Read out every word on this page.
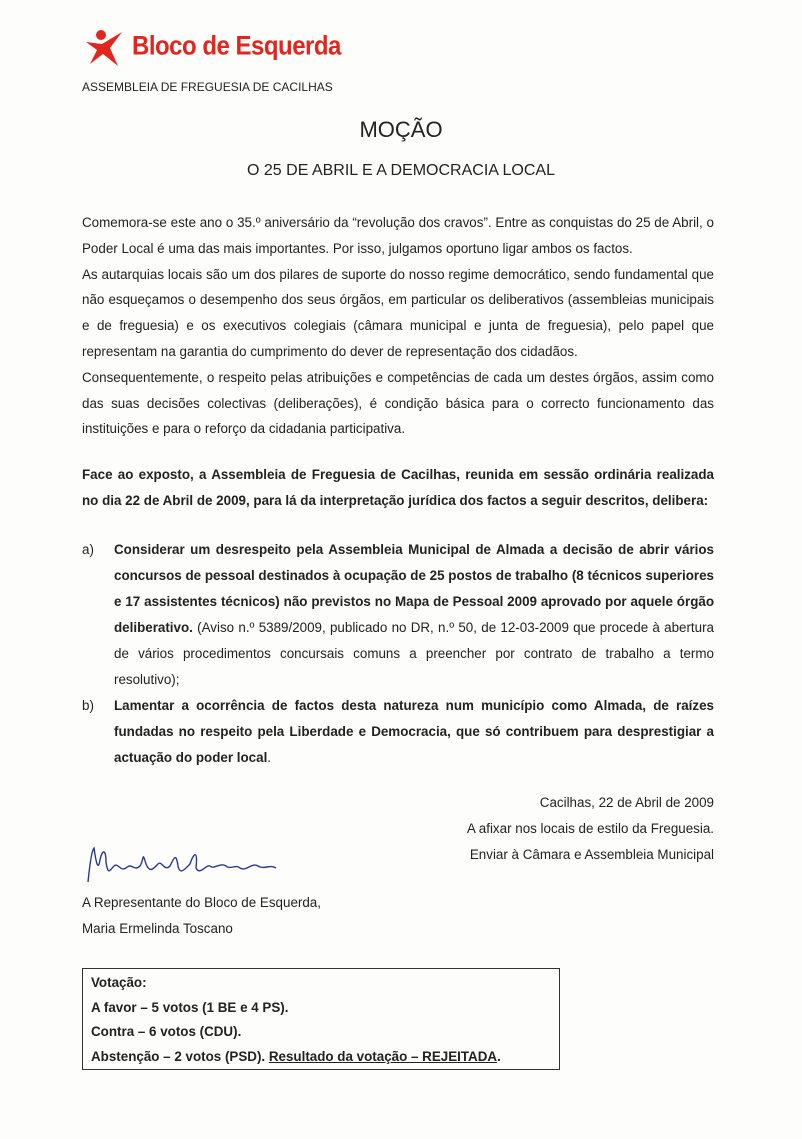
Bloco de Esquerda
ASSEMBLEIA DE FREGUESIA DE CACILHAS
MOÇÃO
O 25 DE ABRIL E A DEMOCRACIA LOCAL
Comemora-se este ano o 35.º aniversário da “revolução dos cravos”. Entre as conquistas do 25 de Abril, o Poder Local é uma das mais importantes. Por isso, julgamos oportuno ligar ambos os factos.
As autarquias locais são um dos pilares de suporte do nosso regime democrático, sendo fundamental que não esqueçamos o desempenho dos seus órgãos, em particular os deliberativos (assembleias municipais e de freguesia) e os executivos colegiais (câmara municipal e junta de freguesia), pelo papel que representam na garantia do cumprimento do dever de representação dos cidadãos.
Consequentemente, o respeito pelas atribuições e competências de cada um destes órgãos, assim como das suas decisões colectivas (deliberações), é condição básica para o correcto funcionamento das instituições e para o reforço da cidadania participativa.
Face ao exposto, a Assembleia de Freguesia de Cacilhas, reunida em sessão ordinária realizada no dia 22 de Abril de 2009, para lá da interpretação jurídica dos factos a seguir descritos, delibera:
a) Considerar um desrespeito pela Assembleia Municipal de Almada a decisão de abrir vários concursos de pessoal destinados à ocupação de 25 postos de trabalho (8 técnicos superiores e 17 assistentes técnicos) não previstos no Mapa de Pessoal 2009 aprovado por aquele órgão deliberativo. (Aviso n.º 5389/2009, publicado no DR, n.º 50, de 12-03-2009 que procede à abertura de vários procedimentos concursais comuns a preencher por contrato de trabalho a termo resolutivo);
b) Lamentar a ocorrência de factos desta natureza num município como Almada, de raízes fundadas no respeito pela Liberdade e Democracia, que só contribuem para desprestigiar a actuação do poder local.
Cacilhas, 22 de Abril de 2009
A afixar nos locais de estilo da Freguesia.
Enviar à Câmara e Assembleia Municipal
A Representante do Bloco de Esquerda,
Maria Ermelinda Toscano
Votação:
A favor – 5 votos (1 BE e 4 PS).
Contra – 6 votos (CDU).
Abstenção – 2 votos (PSD). Resultado da votação – REJEITADA.
